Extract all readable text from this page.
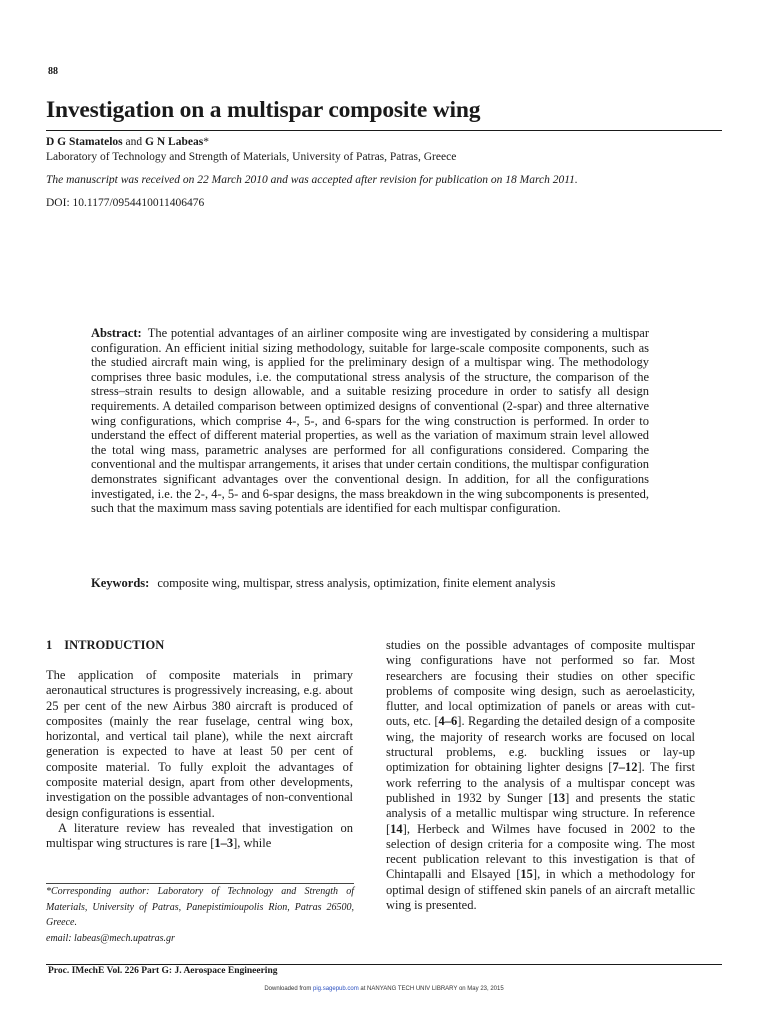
88
Investigation on a multispar composite wing
D G Stamatelos and G N Labeas*
Laboratory of Technology and Strength of Materials, University of Patras, Patras, Greece
The manuscript was received on 22 March 2010 and was accepted after revision for publication on 18 March 2011.
DOI: 10.1177/0954410011406476
Abstract: The potential advantages of an airliner composite wing are investigated by considering a multispar configuration. An efficient initial sizing methodology, suitable for large-scale composite components, such as the studied aircraft main wing, is applied for the preliminary design of a multispar wing. The methodology comprises three basic modules, i.e. the computational stress analysis of the structure, the comparison of the stress–strain results to design allowable, and a suitable resizing procedure in order to satisfy all design requirements. A detailed comparison between optimized designs of conventional (2-spar) and three alternative wing configurations, which comprise 4-, 5-, and 6-spars for the wing construction is performed. In order to understand the effect of different material properties, as well as the variation of maximum strain level allowed the total wing mass, parametric analyses are performed for all configurations considered. Comparing the conventional and the multispar arrangements, it arises that under certain conditions, the multispar configuration demonstrates significant advantages over the conventional design. In addition, for all the configurations investigated, i.e. the 2-, 4-, 5- and 6-spar designs, the mass breakdown in the wing subcomponents is presented, such that the maximum mass saving potentials are identified for each multispar configuration.
Keywords: composite wing, multispar, stress analysis, optimization, finite element analysis
1 INTRODUCTION

The application of composite materials in primary aeronautical structures is progressively increasing, e.g. about 25 per cent of the new Airbus 380 aircraft is produced of composites (mainly the rear fuselage, central wing box, horizontal, and vertical tail plane), while the next aircraft generation is expected to have at least 50 per cent of composite material. To fully exploit the advantages of composite material design, apart from other developments, investigation on the possible advantages of non-conventional design configurations is essential.

A literature review has revealed that investigation on multispar wing structures is rare [1–3], while

*Corresponding author: Laboratory of Technology and Strength of Materials, University of Patras, Panepistimioupolis Rion, Patras 26500, Greece.
email: labeas@mech.upatras.gr

studies on the possible advantages of composite multispar wing configurations have not performed so far. Most researchers are focusing their studies on other specific problems of composite wing design, such as aeroelasticity, flutter, and local optimization of panels or areas with cut-outs, etc. [4–6]. Regarding the detailed design of a composite wing, the majority of research works are focused on local structural problems, e.g. buckling issues or lay-up optimization for obtaining lighter designs [7–12]. The first work referring to the analysis of a multispar concept was published in 1932 by Sunger [13] and presents the static analysis of a metallic multispar wing structure. In reference [14], Herbeck and Wilmes have focused in 2002 to the selection of design criteria for a composite wing. The most recent publication relevant to this investigation is that of Chintapalli and Elsayed [15], in which a methodology for optimal design of stiffened skin panels of an aircraft metallic wing is presented.

Proc. IMechE Vol. 226 Part G: J. Aerospace Engineering
Downloaded from pig.sagepub.com at NANYANG TECH UNIV LIBRARY on May 23, 2015
